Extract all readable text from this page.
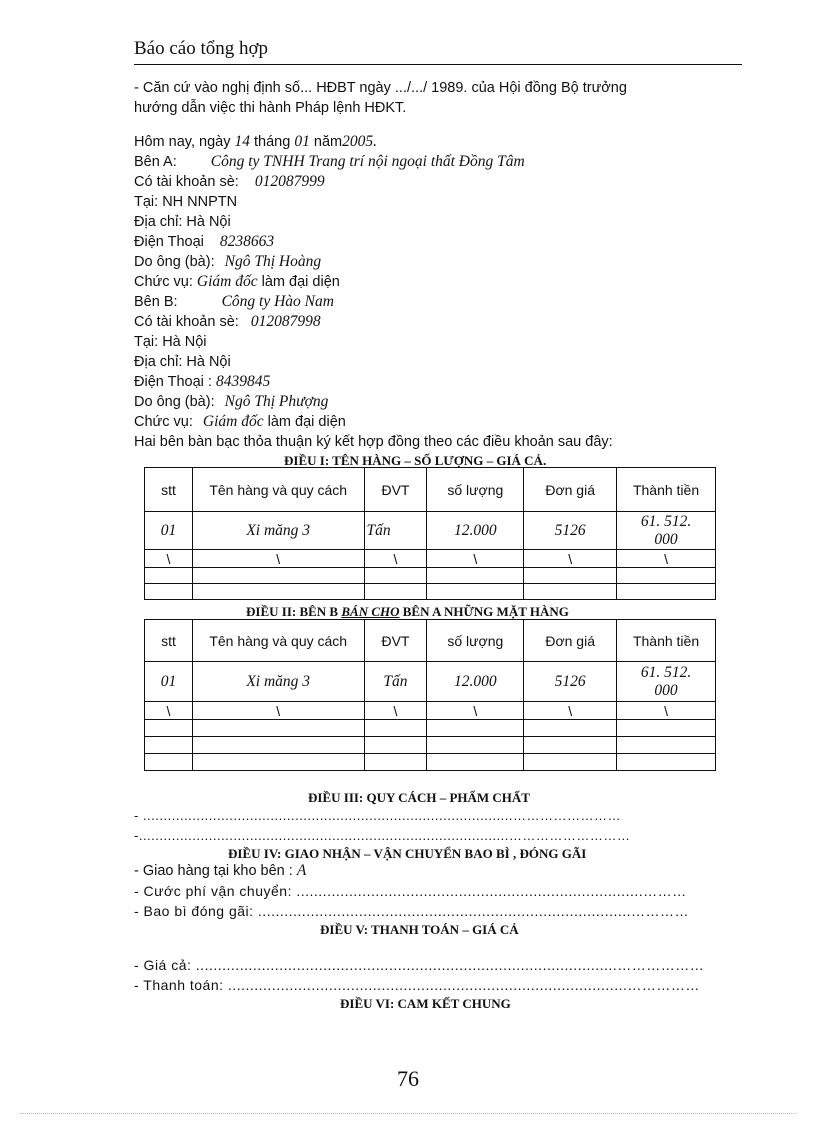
Báo cáo tổng hợp
- Căn cứ vào nghị định số... HĐBT ngày .../.../ 1989. của Hội đồng Bộ trưởng
hướng dẫn việc thi hành Pháp lệnh HĐKT.
Hôm nay, ngày 14 tháng 01 năm2005.
Bên A: Công ty TNHH Trang trí nội ngoại thất Đồng Tâm
Có tài khoản sè: 012087999
Tại: NH NNPTN
Địa chỉ: Hà Nội
Điện Thoại 8238663
Do ông (bà): Ngô Thị Hoàng
Chức vụ: Giám đốc làm đại diện
Bên B:	Công ty Hào Nam
Có tài khoản sè: 012087998
Tại: Hà Nội
Địa chỉ: Hà Nội
Điện Thoại : 8439845
Do ông (bà): Ngô Thị Phượng
Chức vụ: Giám đốc làm đại diện
Hai bên bàn bạc thỏa thuận ký kết hợp đồng theo các điều khoản sau đây:
ĐIỀU I: TÊN HÀNG – SỐ LƯỢNG – GIÁ CẢ.
stt	Tên hàng và quy cách	ĐVT	số lượng	Đơn giá	Thành tiền
01	Xi măng 3	Tấn	12.000	5126	61. 512.
000
\	\	\	\	\	\

ĐIỀU II: BÊN B BÁN CHO BÊN A NHỮNG MẶT HÀNG
stt	Tên hàng và quy cách	ĐVT	số lượng	Đơn giá	Thành tiền
01	Xi măng 3	Tấn	12.000	5126	61. 512.
000
\	\	\	\	\	\

ĐIỀU III: QUY CÁCH – PHẨM CHẤT
- ..........................................................................................……………………
-..........................................................................................………………………
ĐIỀU IV: GIAO NHẬN – VẬN CHUYỂN BAO BÌ , ĐÓNG GÃI
- Giao hàng tại kho bên : A
- Cước phí vận chuyển: ...............................................................................………
- Bao bì đóng gãi: .....................................................................................…………
ĐIỀU V: THANH TOÁN – GIÁ CẢ
- Giá cả: ................................................................................................………………
- Thanh toán: ...........................................................................................……………
ĐIỀU VI: CAM KẾT CHUNG
76
